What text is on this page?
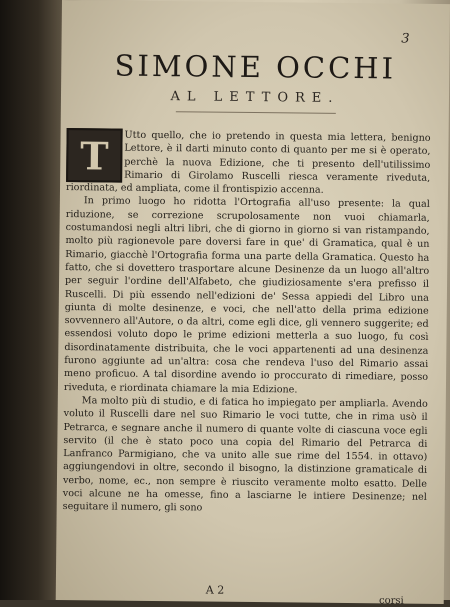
3
SIMONE OCCHI
AL LETTORE.
T	Utto quello, che io pretendo in questa mia lettera, benigno Lettore, è il darti minuto conto di quanto per me si è operato, perchè la nuova Edizione, che ti presento dell'utilissimo Rimario di Girolamo Ruscelli riesca veramente riveduta, riordinata, ed ampliata, come il frontispizio accenna.

In primo luogo ho ridotta l'Ortografia all'uso presente: la qual riduzione, se correzione scrupolosamente non vuoi chiamarla, costumandosi negli altri libri, che di giorno in giorno si van ristampando, molto più ragionevole pare doversi fare in que' di Gramatica, qual è un Rimario, giacchè l'Ortografia forma una parte della Gramatica. Questo ha fatto, che si dovettero trasportare alcune Desinenze da un luogo all'altro per seguir l'ordine dell'Alfabeto, che giudiziosamente s'era prefisso il Ruscelli. Di più essendo nell'edizioni de' Sessa appiedi del Libro una giunta di molte desinenze, e voci, che nell'atto della prima edizione sovvennero all'Autore, o da altri, come egli dice, gli vennero suggerite; ed essendosi voluto dopo le prime edizioni metterla a suo luogo, fu così disordinatamente distribuita, che le voci appartenenti ad una desinenza furono aggiunte ad un'altra: cosa che rendeva l'uso del Rimario assai meno proficuo. A tal disordine avendo io proccurato di rimediare, posso riveduta, e riordinata chiamare la mia Edizione.

Ma molto più di studio, e di fatica ho impiegato per ampliarla. Avendo voluto il Ruscelli dare nel suo Rimario le voci tutte, che in rima usò il Petrarca, e segnare anche il numero di quante volte di ciascuna voce egli servito (il che è stato poco una copia del Rimario del Petrarca di Lanfranco Parmigiano, che va unito alle sue rime del 1554. in ottavo) aggiungendovi in oltre, secondo il bisogno, la distinzione gramaticale di verbo, nome, ec., non sempre è riuscito veramente molto esatto. Delle voci alcune ne ha omesse, fino a lasciarne le intiere Desinenze; nel seguitare il numero, gli sono

A 2
corsi
